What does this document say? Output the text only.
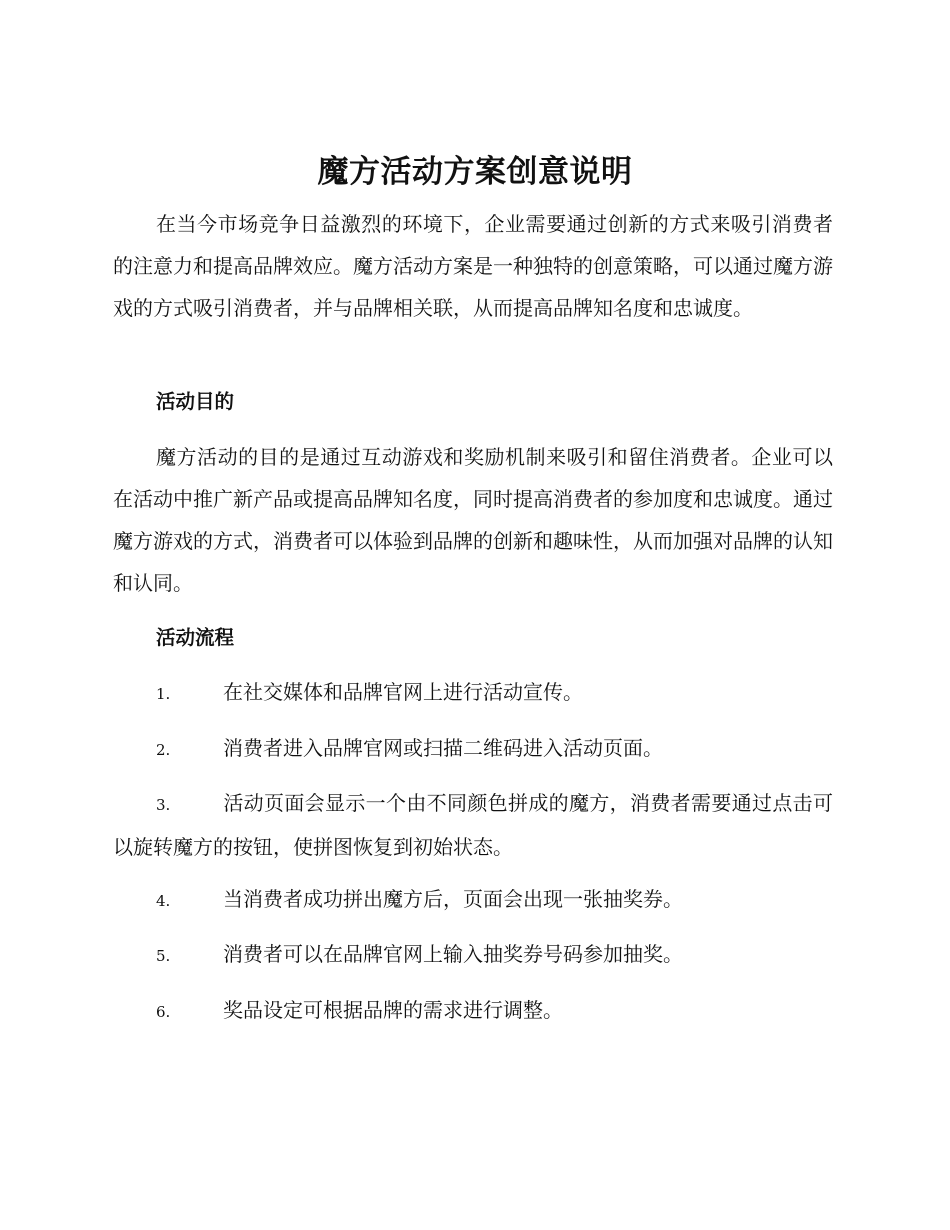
魔方活动方案创意说明

在当今市场竞争日益激烈的环境下，企业需要通过创新的方式来吸引消费者的注意力和提高品牌效应。魔方活动方案是一种独特的创意策略，可以通过魔方游戏的方式吸引消费者，并与品牌相关联，从而提高品牌知名度和忠诚度。

活动目的

魔方活动的目的是通过互动游戏和奖励机制来吸引和留住消费者。企业可以在活动中推广新产品或提高品牌知名度，同时提高消费者的参加度和忠诚度。通过魔方游戏的方式，消费者可以体验到品牌的创新和趣味性，从而加强对品牌的认知和认同。

活动流程
1.	在社交媒体和品牌官网上进行活动宣传。
2.	消费者进入品牌官网或扫描二维码进入活动页面。
3.	活动页面会显示一个由不同颜色拼成的魔方，消费者需要通过点击可以旋转魔方的按钮，使拼图恢复到初始状态。
4.	当消费者成功拼出魔方后，页面会出现一张抽奖券。
5.	消费者可以在品牌官网上输入抽奖券号码参加抽奖。
6.	奖品设定可根据品牌的需求进行调整。
